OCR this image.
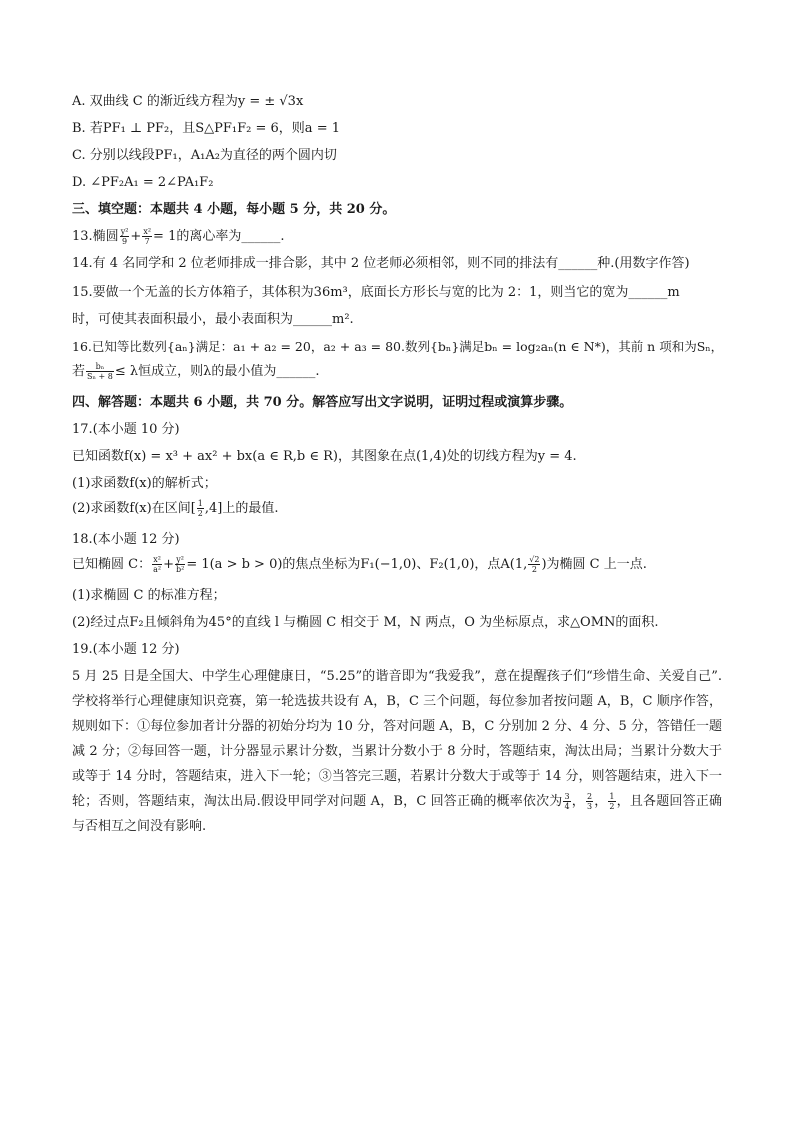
A. 双曲线 C 的渐近线方程为y = ± √3x

B. 若PF₁ ⊥ PF₂，且S△PF₁F₂ = 6，则a = 1

C. 分别以线段PF₁，A₁A₂为直径的两个圆内切

D. ∠PF₂A₁ = 2∠PA₁F₂

三、填空题：本题共 4 小题，每小题 5 分，共 20 分。

13.椭圆 $\frac{\text{y²}}{9} + \frac{\text{x²}}{7} = 1$的离心率为______.

14.有 4 名同学和 2 位老师排成一排合影，其中 2 位老师必须相邻，则不同的排法有______种.(用数字作答)

15.要做一个无盖的长方体箱子，其体积为36m³，底面长方形长与宽的比为 2：1，则当它的宽为______m

时，可使其表面积最小，最小表面积为______m².

16.已知等比数列{aₙ}满足：a₁ + a₂ = 20，a₂ + a₃ = 80.数列{bₙ}满足bₙ = log₂aₙ(n ∈ N*)，其前 n 项和为Sₙ，

若 $\frac{\text{bₙ}}{\text{Sₙ + 8}} \le \lambda$恒成立，则λ的最小值为______.

四、解答题：本题共 6 小题，共 70 分。解答应写出文字说明，证明过程或演算步骤。

17.(本小题 10 分)

已知函数f(x) = x³ + ax² + bx(a ∈ R,b ∈ R)，其图象在点(1,4)处的切线方程为y = 4.

(1)求函数f(x)的解析式；

(2)求函数f(x)在区间[ $\frac{1}{2} ,4$]上的最值.

18.(本小题 12 分)

已知椭圆 C： $\frac{\text{x²}}{\text{a²}} + \frac{\text{y²}}{\text{b²}} = 1(a > b > 0)$的焦点坐标为F₁(−1,0)、F₂(1,0)，点A(1, $\frac{√2}{2}$ )为椭圆 C 上一点.

(1)求椭圆 C 的标准方程；

(2)经过点F₂且倾斜角为45°的直线 l 与椭圆 C 相交于 M，N 两点，O 为坐标原点，求△OMN的面积.

19.(本小题 12 分)

5 月 25 日是全国大、中学生心理健康日，“5.25”的谐音即为“我爱我”，意在提醒孩子们“珍惜生命、关爱自己”.学校将举行心理健康知识竞赛，第一轮选拔共设有 A，B，C 三个问题，每位参加者按问题 A，B，C 顺序作答，规则如下：①每位参加者计分器的初始分均为 10 分，答对问题 A，B，C 分别加 2 分、4 分、5 分，答错任一题减 2 分；②每回答一题，计分器显示累计分数，当累计分数小于 8 分时，答题结束，淘汰出局；当累计分数大于或等于 14 分时，答题结束，进入下一轮；③当答完三题，若累计分数大于或等于 14 分，则答题结束，进入下一轮；否则，答题结束，淘汰出局.假设甲同学对问题 A，B，C 回答正确的概率依次为 $\frac{3}{4}$ ， $\frac{2}{3}$ ， $\frac{1}{2}$ ，且各题回答正确与否相互之间没有影响.
